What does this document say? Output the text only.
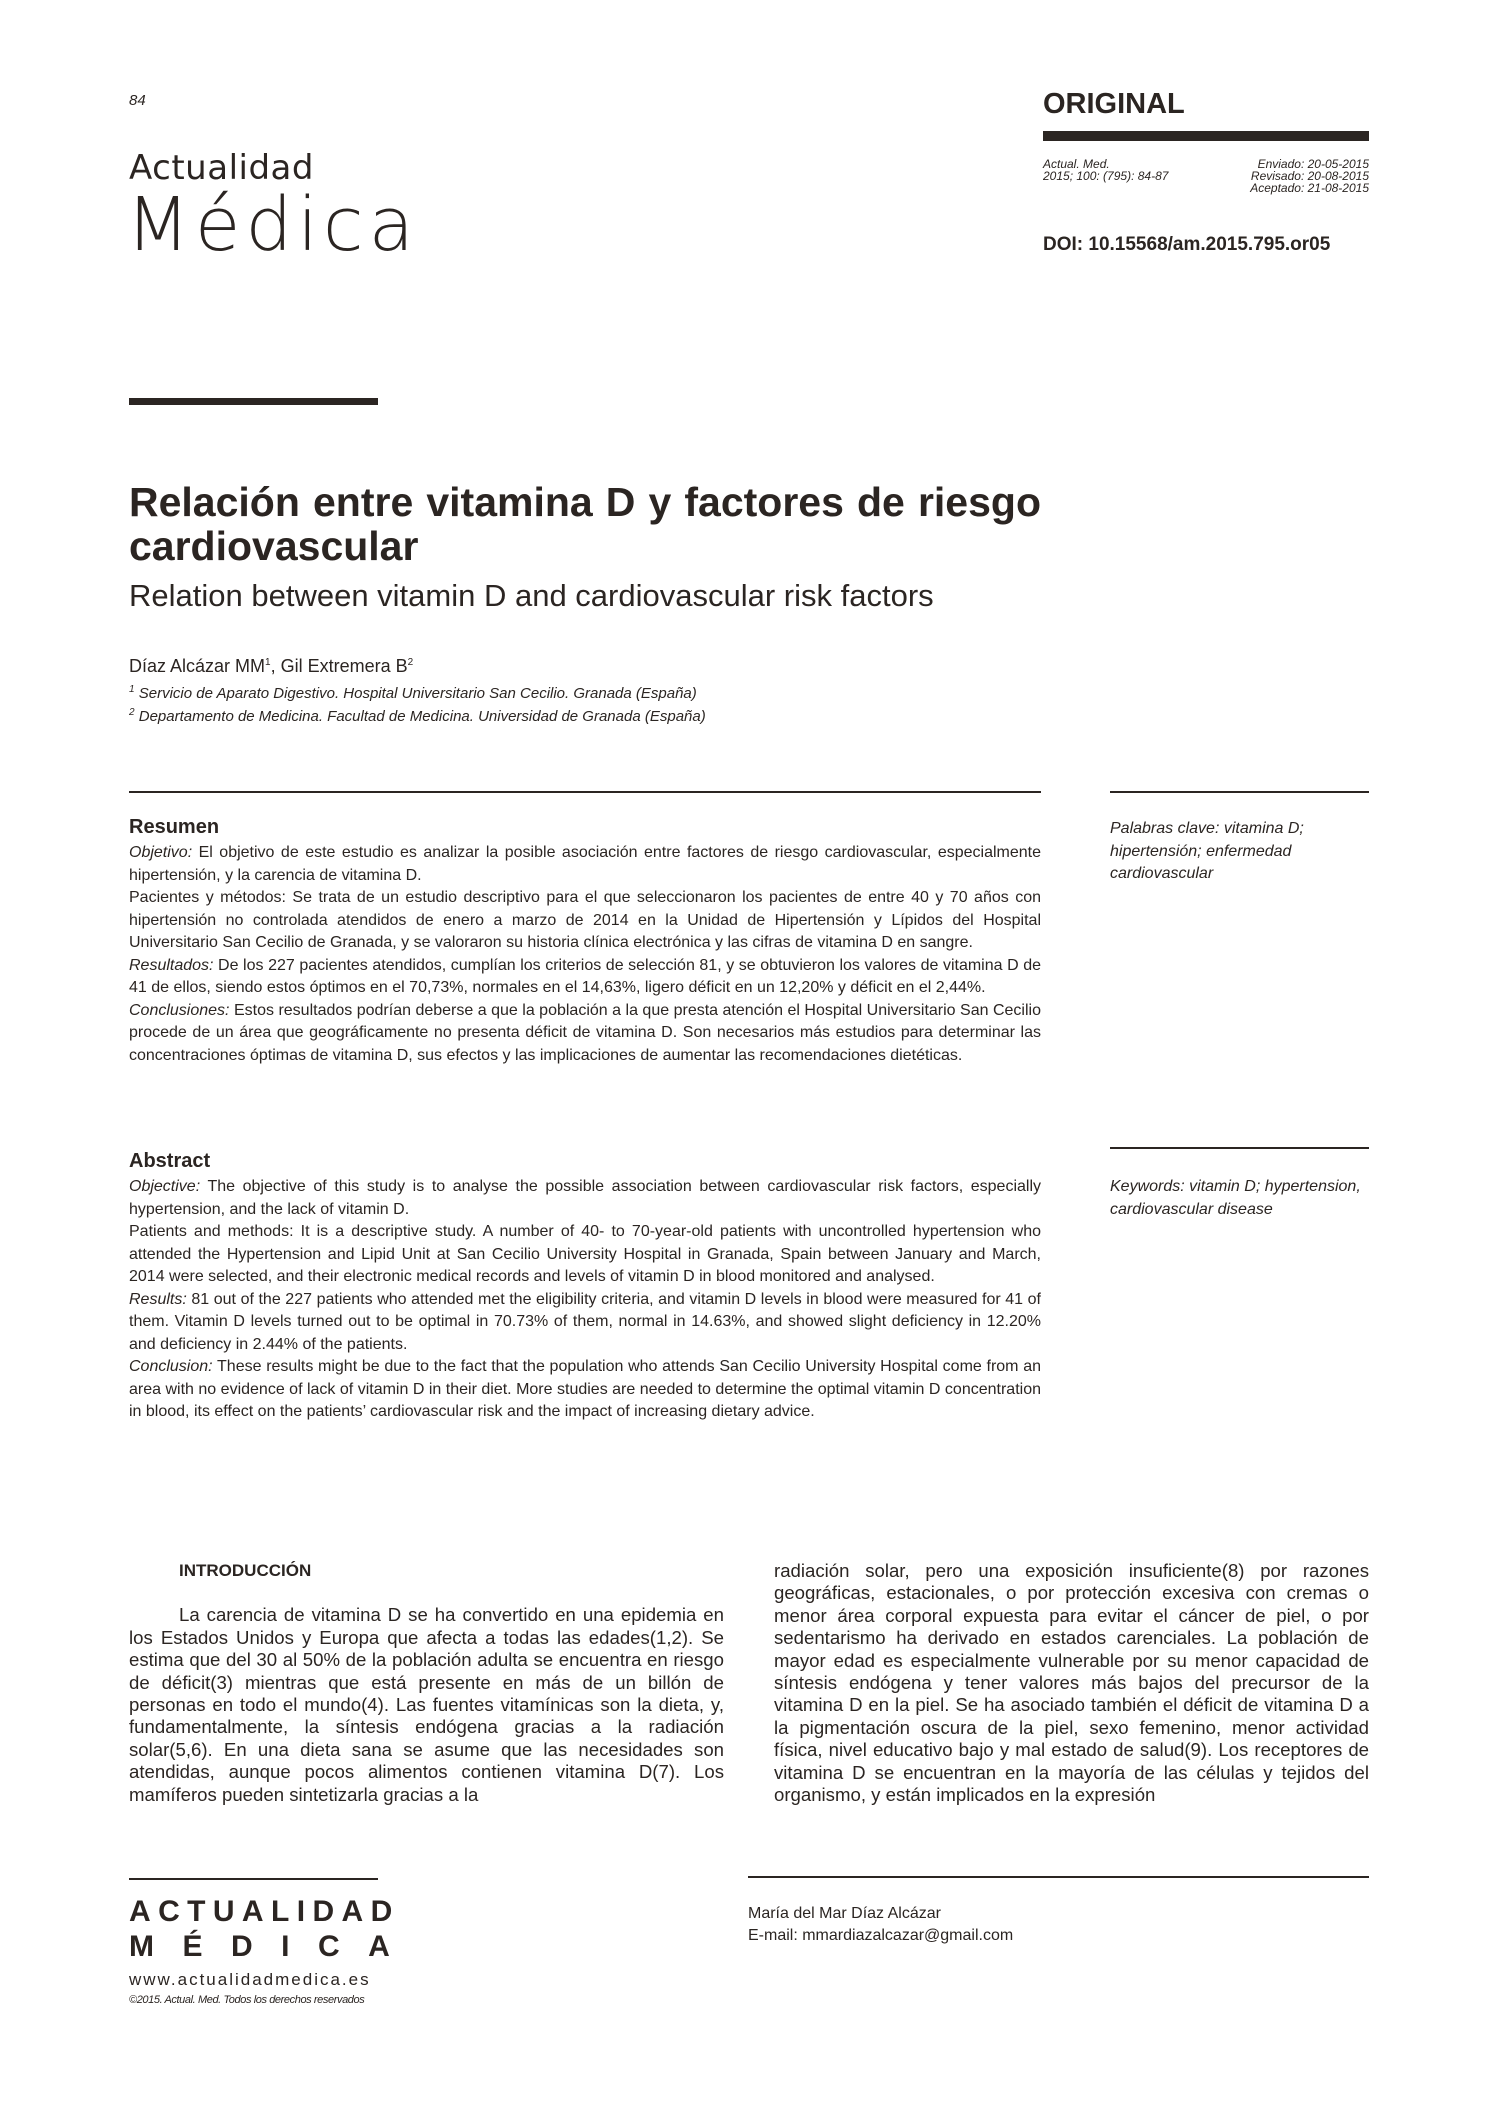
84
Actualidad
Médica
ORIGINAL
Actual. Med.
2015; 100: (795): 84-87
Enviado: 20-05-2015
Revisado: 20-08-2015
Aceptado: 21-08-2015
DOI: 10.15568/am.2015.795.or05
Relación entre vitamina D y factores de riesgo cardiovascular
Relation between vitamin D and cardiovascular risk factors
Díaz Alcázar $MM^1$, Gil Extremera $B^2$
$^1$ Servicio de Aparato Digestivo. Hospital Universitario San Cecilio. Granada (España)
$^2$ Departamento de Medicina. Facultad de Medicina. Universidad de Granada (España)
Resumen

Objetivo: El objetivo de este estudio es analizar la posible asociación entre factores de riesgo cardiovascular, especialmente hipertensión, y la carencia de vitamina D.

Pacientes y métodos: Se trata de un estudio descriptivo para el que seleccionaron los pacientes de entre 40 y 70 años con hipertensión no controlada atendidos de enero a marzo de 2014 en la Unidad de Hipertensión y Lípidos del Hospital Universitario San Cecilio de Granada, y se valoraron su historia clínica electrónica y las cifras de vitamina D en sangre.

Resultados: De los 227 pacientes atendidos, cumplían los criterios de selección 81, y se obtuvieron los valores de vitamina D de 41 de ellos, siendo estos óptimos en el 70,73%, normales en el 14,63%, ligero déficit en un 12,20% y déficit en el 2,44%.

Conclusiones: Estos resultados podrían deberse a que la población a la que presta atención el Hospital Universitario San Cecilio procede de un área que geográficamente no presenta déficit de vitamina D. Son necesarios más estudios para determinar las concentraciones óptimas de vitamina D, sus efectos y las implicaciones de aumentar las recomendaciones dietéticas.

Palabras clave: vitamina D; hipertensión; enfermedad cardiovascular
Abstract

Objective: The objective of this study is to analyse the possible association between cardiovascular risk factors, especially hypertension, and the lack of vitamin D.

Patients and methods: It is a descriptive study. A number of 40- to 70-year-old patients with uncontrolled hypertension who attended the Hypertension and Lipid Unit at San Cecilio University Hospital in Granada, Spain between January and March, 2014 were selected, and their electronic medical records and levels of vitamin D in blood monitored and analysed.

Results: 81 out of the 227 patients who attended met the eligibility criteria, and vitamin D levels in blood were measured for 41 of them. Vitamin D levels turned out to be optimal in 70.73% of them, normal in 14.63%, and showed slight deficiency in 12.20% and deficiency in 2.44% of the patients.

Conclusion: These results might be due to the fact that the population who attends San Cecilio University Hospital come from an area with no evidence of lack of vitamin D in their diet. More studies are needed to determine the optimal vitamin D concentration in blood, its effect on the patients’ cardiovascular risk and the impact of increasing dietary advice.

Keywords: vitamin D; hypertension, cardiovascular disease

INTRODUCCIÓN

La carencia de vitamina D se ha convertido en una epidemia en los Estados Unidos y Europa que afecta a todas las edades(1,2). Se estima que del 30 al 50% de la población adulta se encuentra en riesgo de déficit(3) mientras que está presente en más de un billón de personas en todo el mundo(4). Las fuentes vitamínicas son la dieta, y, fundamentalmente, la síntesis endógena gracias a la radiación solar(5,6). En una dieta sana se asume que las necesidades son atendidas, aunque pocos alimentos contienen vitamina D(7). Los mamíferos pueden sintetizarla gracias a la

radiación solar, pero una exposición insuficiente(8) por razones geográficas, estacionales, o por protección excesiva con cremas o menor área corporal expuesta para evitar el cáncer de piel, o por sedentarismo ha derivado en estados carenciales. La población de mayor edad es especialmente vulnerable por su menor capacidad de síntesis endógena y tener valores más bajos del precursor de la vitamina D en la piel. Se ha asociado también el déficit de vitamina D a la pigmentación oscura de la piel, sexo femenino, menor actividad física, nivel educativo bajo y mal estado de salud(9). Los receptores de vitamina D se encuentran en la mayoría de las células y tejidos del organismo, y están implicados en la expresión

ACTUALIDAD
MÉDICA
www.actualidadmedica.es
©2015. Actual. Med. Todos los derechos reservados
María del Mar Díaz Alcázar
E-mail: mmardiazalcazar@gmail.com
